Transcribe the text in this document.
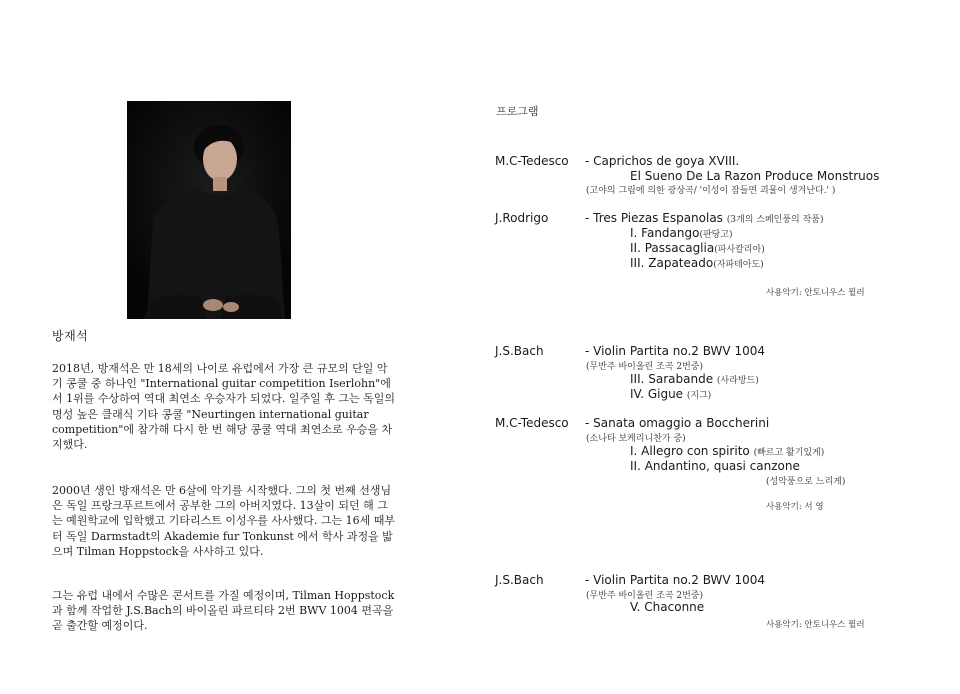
방재석

2018년, 방재석은 만 18세의 나이로 유럽에서 가장 큰 규모의 단일 악기 콩쿨 중 하나인 "International guitar competition Iserlohn"에서 1위를 수상하여 역대 최연소 우승자가 되었다. 일주일 후 그는 독일의 명성 높은 클래식 기타 콩쿨 "Neurtingen international guitar competition"에 참가해 다시 한 번 해당 콩쿨 역대 최연소로 우승을 차지했다.

2000년 생인 방재석은 만 6살에 악기를 시작했다. 그의 첫 번째 선생님은 독일 프랑크푸르트에서 공부한 그의 아버지였다. 13살이 되던 해 그는 예원학교에 입학했고 기타리스트 이성우를 사사했다. 그는 16세 때부터 독일 Darmstadt의 Akademie fur Tonkunst 에서 학사 과정을 밟으며 Tilman Hoppstock을 사사하고 있다.

그는 유럽 내에서 수많은 콘서트를 가질 예정이며, Tilman Hoppstock과 함께 작업한 J.S.Bach의 바이올린 파르티타 2번 BWV 1004 편곡을 곧 출간할 예정이다.

프로그램
M.C-Tedesco - Caprichos de goya XVIII.
El Sueno De La Razon Produce Monstruos
(고야의 그림에 의한 광상곡/ '이성이 잠들면 괴물이 생겨난다.' )
J.Rodrigo	- Tres Piezas Espanolas (3개의 스페인풍의 작품)
I. Fandango(판당고)
II. Passacaglia(파사칼리아)
III. Zapateado(자파테아도)
사용악기: 안토니우스 뮐러
J.S.Bach	- Violin Partita no.2 BWV 1004
(무반주 바이올린 조곡 2번중)
III. Sarabande (사라방드)
IV. Gigue (지그)
M.C-Tedesco - Sanata omaggio a Boccherini
(소나타 보케리니찬가 중)
I. Allegro con spirito (빠르고 활기있게)
II. Andantino, quasi canzone
(성악풍으로 느리게)
사용악기: 서 영
J.S.Bach	- Violin Partita no.2 BWV 1004
(무반주 바이올린 조곡 2번중)
V. Chaconne
사용악기: 안토니우스 뮐러
